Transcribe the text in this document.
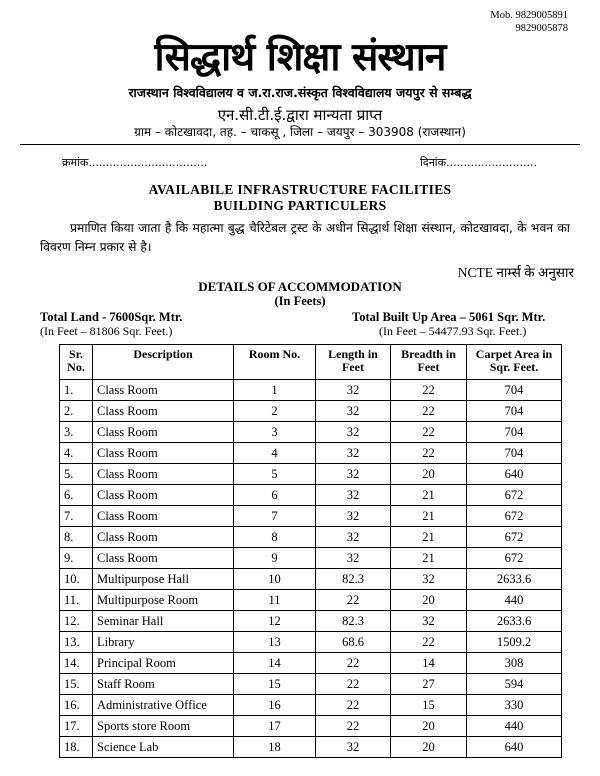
Mob. 9829005891
9829005878
सिद्धार्थ शिक्षा संस्थान
राजस्थान विश्वविद्यालय व ज.रा.राज.संस्कृत विश्वविद्यालय जयपुर से सम्बद्ध
एन.सी.टी.ई.द्वारा मान्यता प्राप्त
ग्राम – कोटखावदा, तह. – चाकसू , जिला – जयपुर – 303908 (राजस्थान)
क्रमांक..................................	दिनांक..........................
AVAILABILE INFRASTRUCTURE FACILITIES
BUILDING PARTICULERS
प्रमाणित किया जाता है कि महात्मा बुद्ध चैरिटेबल ट्रस्ट के अधीन सिद्धार्थ शिक्षा संस्थान, कोटखावदा, के भवन का विवरण निम्न प्रकार से है।
NCTE नार्म्स के अनुसार
DETAILS OF ACCOMMODATION
(In Feets)
Total Land - 7600Sqr. Mtr.
(In Feet – 81806 Sqr. Feet.)
Total Built Up Area – 5061 Sqr. Mtr.
(In Feet – 54477.93 Sqr. Feet.)
Sr. No.	Description	Room No.	Length in Feet	Breadth in Feet	Carpet Area in Sqr. Feet.
1.	Class Room	1	32	22	704
2.	Class Room	2	32	22	704
3.	Class Room	3	32	22	704
4.	Class Room	4	32	22	704
5.	Class Room	5	32	20	640
6.	Class Room	6	32	21	672
7.	Class Room	7	32	21	672
8.	Class Room	8	32	21	672
9.	Class Room	9	32	21	672
10.	Multipurpose Hall	10	82.3	32	2633.6
11.	Multipurpose Room	11	22	20	440
12.	Seminar Hall	12	82.3	32	2633.6
13.	Library	13	68.6	22	1509.2
14.	Principal Room	14	22	14	308
15.	Staff Room	15	22	27	594
16.	Administrative Office	16	22	15	330
17.	Sports store Room	17	22	20	440
18.	Science Lab	18	32	20	640
